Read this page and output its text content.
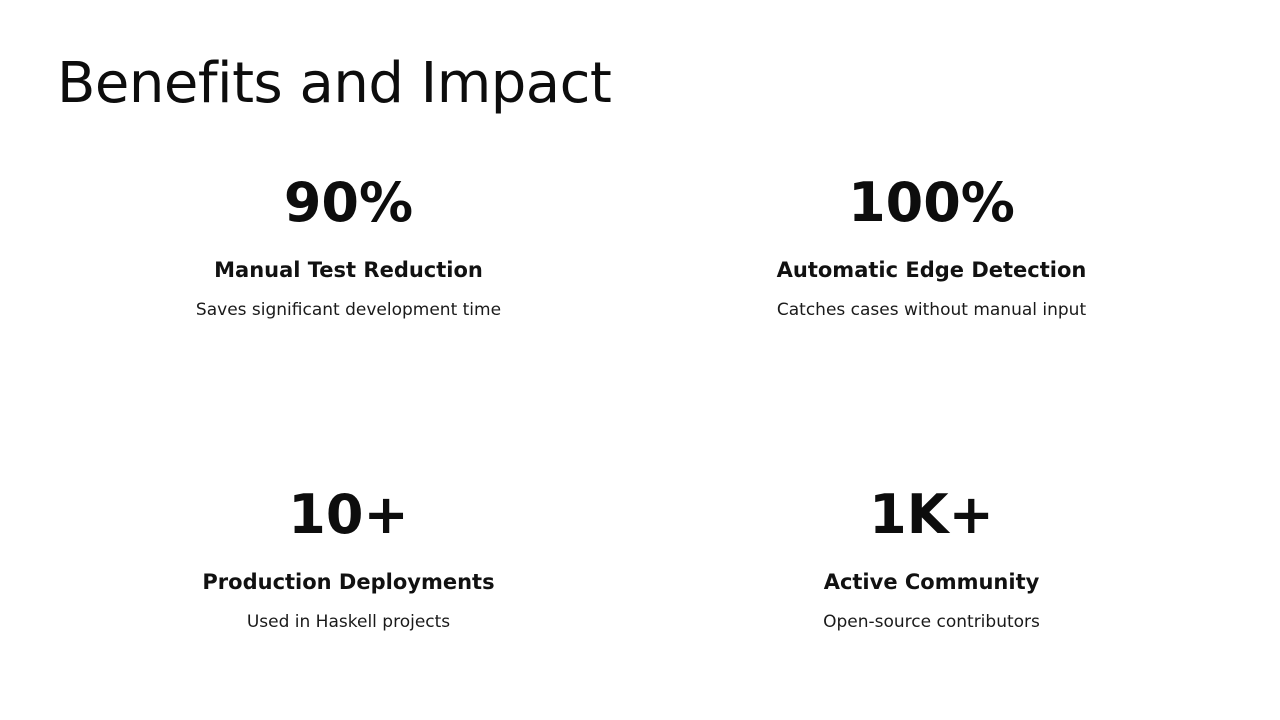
Benefits and Impact
90%
Manual Test Reduction
Saves significant development time
100%
Automatic Edge Detection
Catches cases without manual input
10+
Production Deployments
Used in Haskell projects
1K+
Active Community
Open-source contributors
